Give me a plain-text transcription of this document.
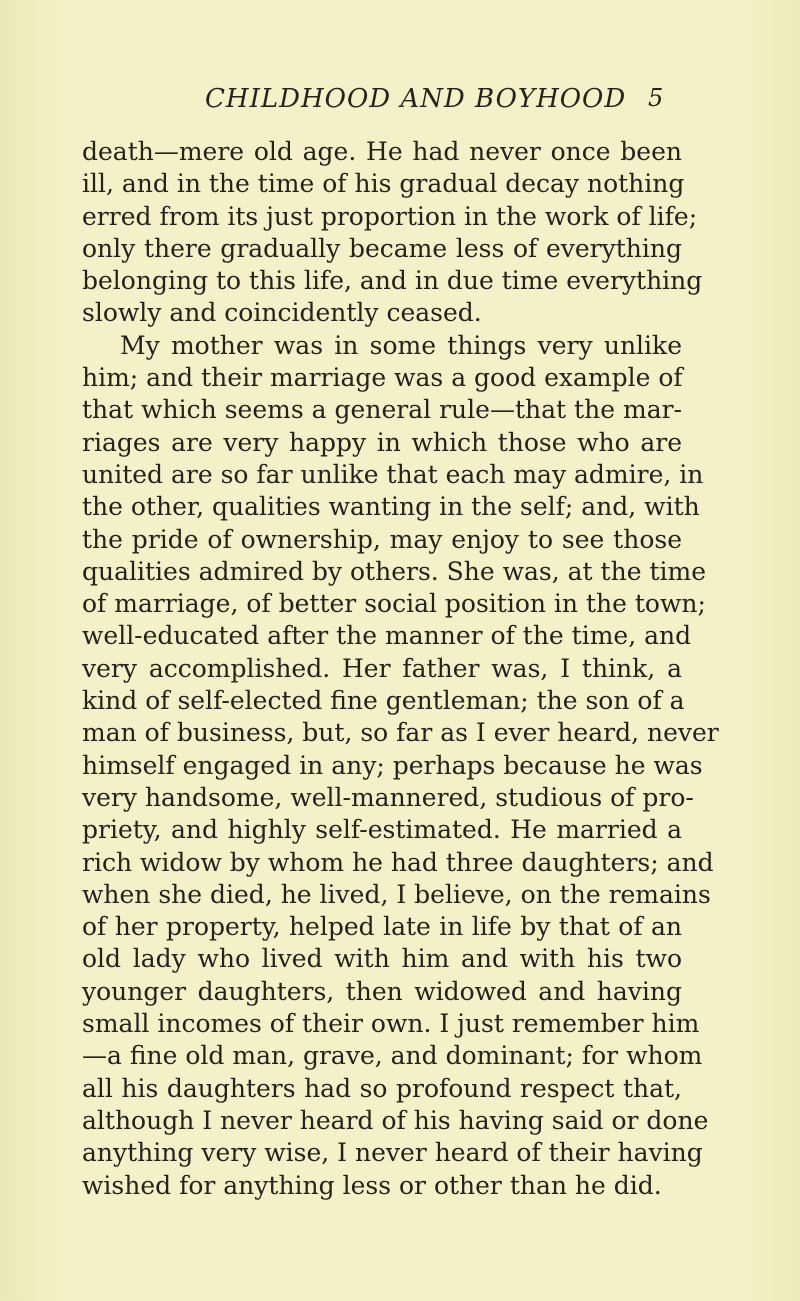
CHILDHOOD AND BOYHOOD 5
death—mere old age. He had never once been
ill, and in the time of his gradual decay nothing
erred from its just proportion in the work of life;
only there gradually became less of everything
belonging to this life, and in due time everything
slowly and coincidently ceased.
My mother was in some things very unlike
him; and their marriage was a good example of
that which seems a general rule—that the mar-
riages are very happy in which those who are
united are so far unlike that each may admire, in
the other, qualities wanting in the self; and, with
the pride of ownership, may enjoy to see those
qualities admired by others. She was, at the time
of marriage, of better social position in the town;
well-educated after the manner of the time, and
very accomplished. Her father was, I think, a
kind of self-elected fine gentleman; the son of a
man of business, but, so far as I ever heard, never
himself engaged in any; perhaps because he was
very handsome, well-mannered, studious of pro-
priety, and highly self-estimated. He married a
rich widow by whom he had three daughters; and
when she died, he lived, I believe, on the remains
of her property, helped late in life by that of an
old lady who lived with him and with his two
younger daughters, then widowed and having
small incomes of their own. I just remember him
—a fine old man, grave, and dominant; for whom
all his daughters had so profound respect that,
although I never heard of his having said or done
anything very wise, I never heard of their having
wished for anything less or other than he did.
